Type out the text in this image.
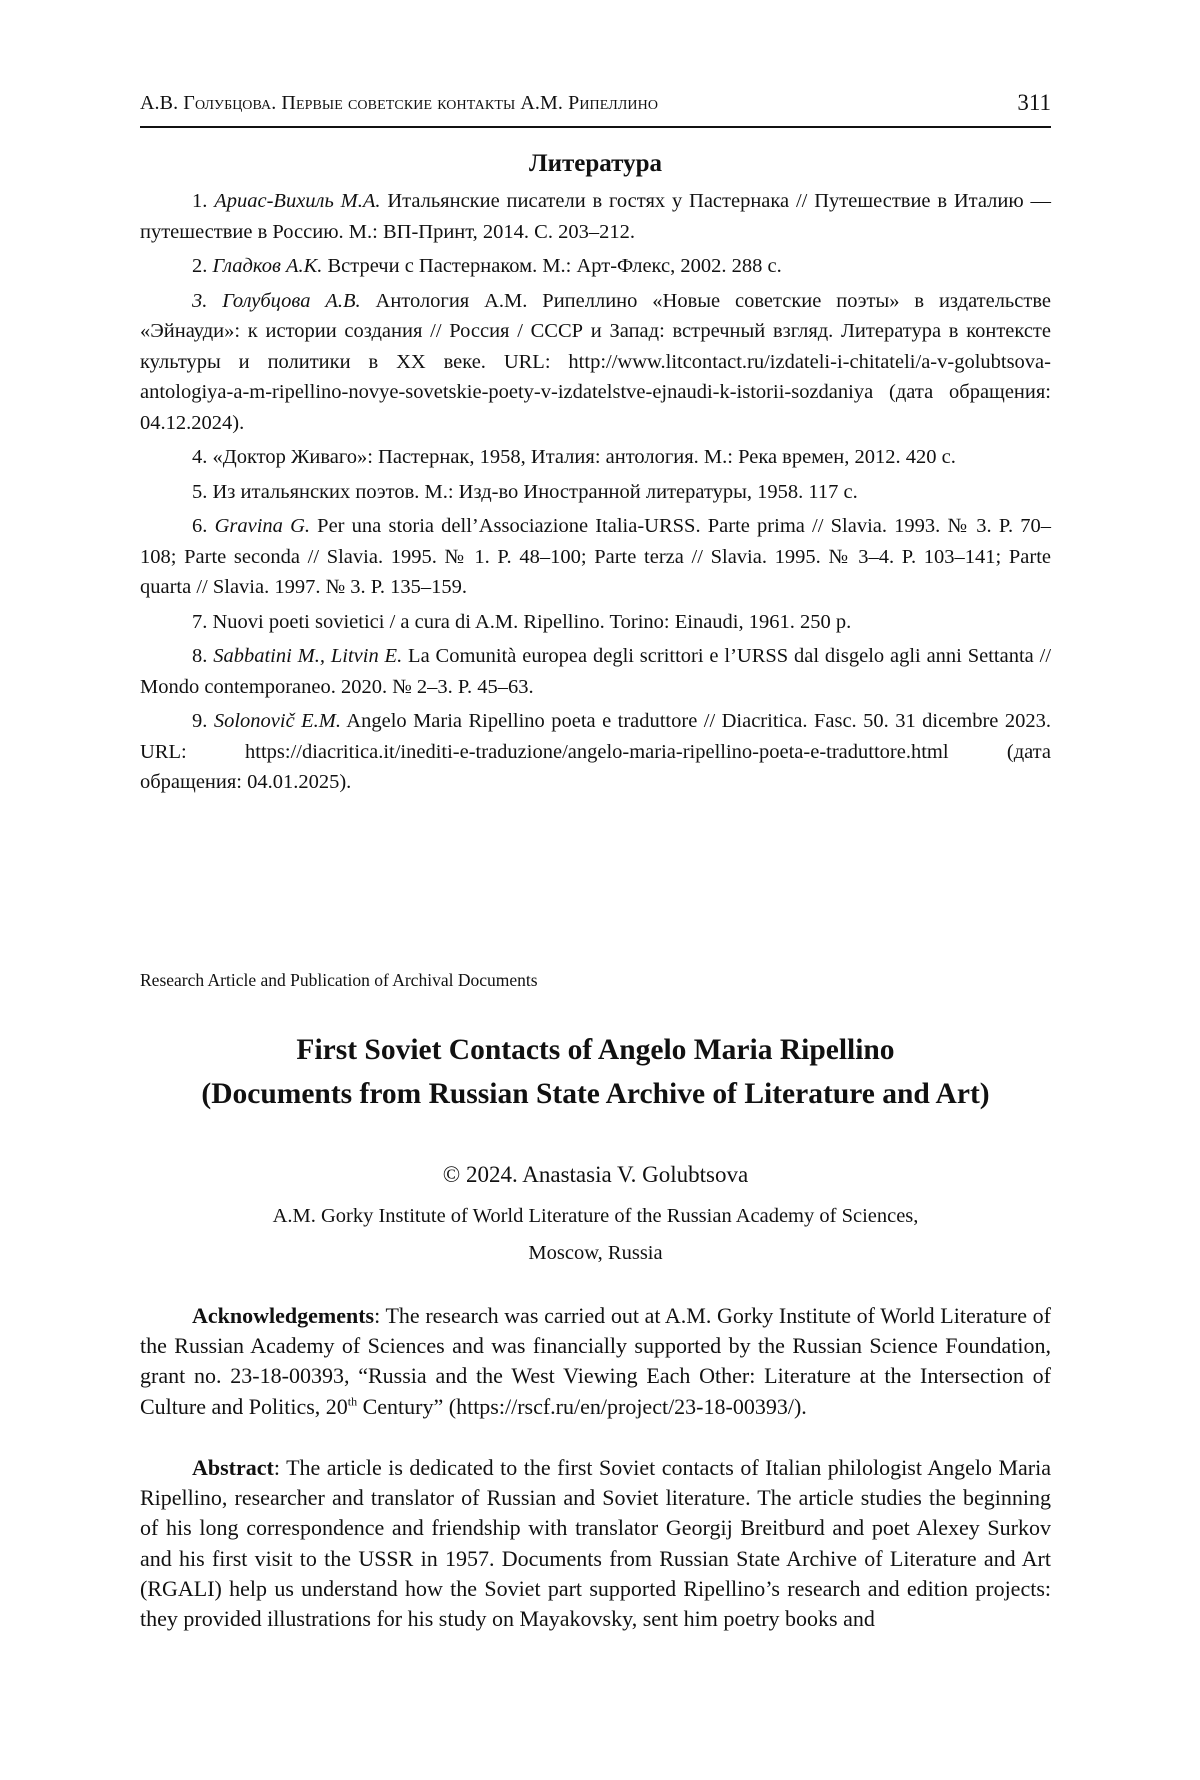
А.В. Голубцова. Первые советские контакты А.М. Рипеллино	311
Литература
1. Ариас-Вихиль М.А. Итальянские писатели в гостях у Пастернака // Путешествие в Италию — путешествие в Россию. М.: ВП-Принт, 2014. С. 203–212.
2. Гладков А.К. Встречи с Пастернаком. М.: Арт-Флекс, 2002. 288 с.
3. Голубцова А.В. Антология А.М. Рипеллино «Новые советские поэты» в издательстве «Эйнауди»: к истории создания // Россия / СССР и Запад: встречный взгляд. Литература в контексте культуры и политики в XX веке. URL: http://www.litcontact.ru/izdateli-i-chitateli/a-v-golubtsova-antologiya-a-m-ripellino-novye-sovetskie-poety-v-izdatelstve-ejnaudi-k-istorii-sozdaniya (дата обращения: 04.12.2024).
4. «Доктор Живаго»: Пастернак, 1958, Италия: антология. М.: Река времен, 2012. 420 с.
5. Из итальянских поэтов. М.: Изд-во Иностранной литературы, 1958. 117 с.
6. Gravina G. Per una storia dell’Associazione Italia-URSS. Parte prima // Slavia. 1993. № 3. P. 70–108; Parte seconda // Slavia. 1995. № 1. P. 48–100; Parte terza // Slavia. 1995. № 3–4. P. 103–141; Parte quarta // Slavia. 1997. № 3. P. 135–159.
7. Nuovi poeti sovietici / a cura di A.M. Ripellino. Torino: Einaudi, 1961. 250 p.
8. Sabbatini M., Litvin E. La Comunità europea degli scrittori e l’URSS dal disgelo agli anni Settanta // Mondo contemporaneo. 2020. № 2–3. P. 45–63.
9. Solonovič E.M. Angelo Maria Ripellino poeta e traduttore // Diacritica. Fasc. 50. 31 dicembre 2023. URL: https://diacritica.it/inediti-e-traduzione/angelo-maria-ripellino-poeta-e-traduttore.html (дата обращения: 04.01.2025).
Research Article and Publication of Archival Documents
First Soviet Contacts of Angelo Maria Ripellino
(Documents from Russian State Archive of Literature and Art)
© 2024. Anastasia V. Golubtsova
A.M. Gorky Institute of World Literature of the Russian Academy of Sciences,
Moscow, Russia

Acknowledgements: The research was carried out at A.M. Gorky Institute of World Literature of the Russian Academy of Sciences and was financially supported by the Russian Science Foundation, grant no. 23-18-00393, “Russia and the West Viewing Each Other: Literature at the Intersection of Culture and Politics, 20th Century” (https://rscf.ru/en/project/23-18-00393/).

Abstract: The article is dedicated to the first Soviet contacts of Italian philologist Angelo Maria Ripellino, researcher and translator of Russian and Soviet literature. The article studies the beginning of his long correspondence and friendship with translator Georgij Breitburd and poet Alexey Surkov and his first visit to the USSR in 1957. Documents from Russian State Archive of Literature and Art (RGALI) help us understand how the Soviet part supported Ripellino’s research and edition projects: they provided illustrations for his study on Mayakovsky, sent him poetry books and
